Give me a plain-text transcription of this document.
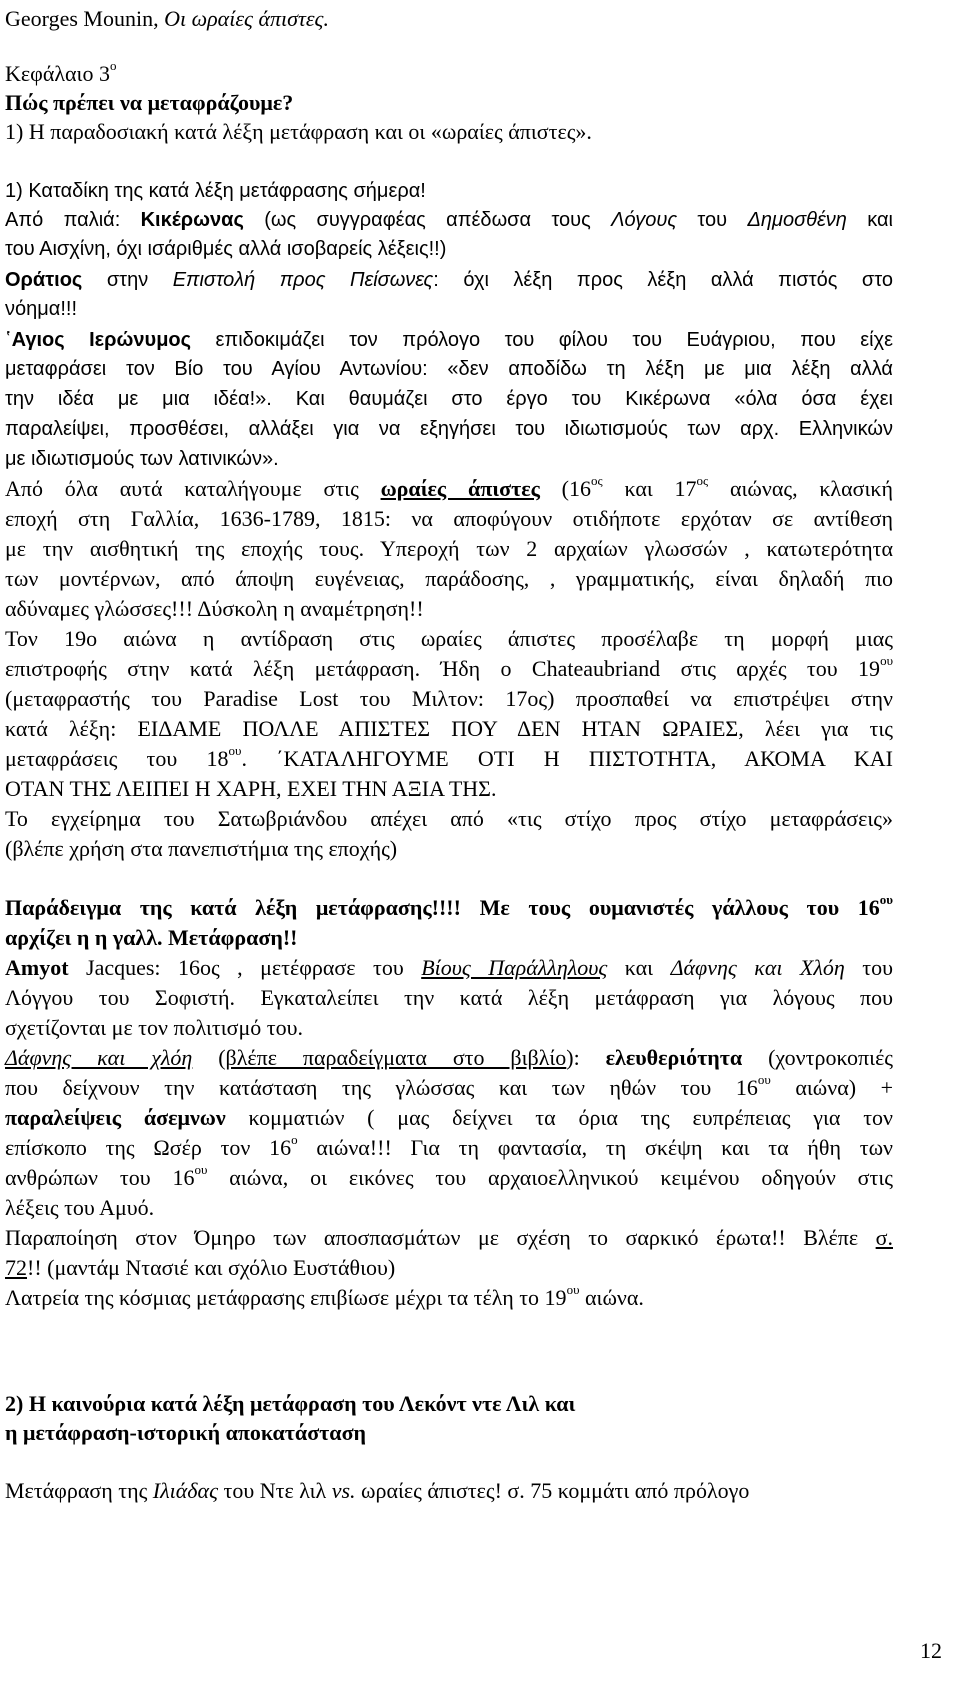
Georges Mounin, Οι ωραίες άπιστες.
Κεφάλαιο $3^o$
Πώς πρέπει να μεταφράζουμε?
1) Η παραδοσιακή κατά λέξη μετάφραση και οι «ωραίες άπιστες».
1) Καταδίκη της κατά λέξη μετάφρασης σήμερα!
Από παλιά: Κικέρωνας (ως συγγραφέας απέδωσα τους Λόγους του Δημοσθένη και
του Αισχίνη, όχι ισάριθμές αλλά ισοβαρείς λέξεις!!)
Οράτιος στην Επιστολή προς Πείσωνες: όχι λέξη προς λέξη αλλά πιστός στο
νόημα!!!
῾Αγιος Ιερώνυμος επιδοκιμάζει τον πρόλογο του φίλου του Ευάγριου, που είχε
μεταφράσει τον Βίο του Αγίου Αντωνίου: «δεν αποδίδω τη λέξη με μια λέξη αλλά
την ιδέα με μια ιδέα!». Και θαυμάζει στο έργο του Κικέρωνα «όλα όσα έχει
παραλείψει, προσθέσει, αλλάξει για να εξηγήσει του ιδιωτισμούς των αρχ. Ελληνικών
με ιδιωτισμούς των λατινικών».
Από όλα αυτά καταλήγουμε στις ωραίες άπιστες ($16^{o\varsigma}$ και $17^{o\varsigma}$ αιώνας, κλασική
εποχή στη Γαλλία, 1636-1789, 1815: να αποφύγουν οτιδήποτε ερχόταν σε αντίθεση
με την αισθητική της εποχής τους. Υπεροχή των 2 αρχαίων γλωσσών , κατωτερότητα
των μοντέρνων, από άποψη ευγένειας, παράδοσης, , γραμματικής, είναι δηλαδή πιο
αδύναμες γλώσσες!!! Δύσκολη η αναμέτρηση!!
Τον 19ο αιώνα η αντίδραση στις ωραίες άπιστες προσέλαβε τη μορφή μιας
επιστροφής στην κατά λέξη μετάφραση. Ήδη ο Chateaubriand στις αρχές του $19^{o\upsilon}$
(μεταφραστής του Paradise Lost του Μιλτον: 17ος) προσπαθεί να επιστρέψει στην
κατά λέξη: ΕΙΔΑΜΕ ΠΟΛΛΕ ΑΠΙΣΤΕΣ ΠΟΥ ΔΕΝ ΗΤΑΝ ΩΡΑΙΕΣ, λέει για τις
μεταφράσεις του $18^{o\upsilon}$. ΄ΚΑΤΑΛΗΓΟΥΜΕ ΟΤΙ Η ΠΙΣΤΟΤΗΤΑ, ΑΚΟΜΑ ΚΑΙ
ΟΤΑΝ ΤΗΣ ΛΕΙΠΕΙ Η ΧΑΡΗ, ΕΧΕΙ ΤΗΝ ΑΞΙΑ ΤΗΣ.
Το εγχείρημα του Σατωβριάνδου απέχει από «τις στίχο προς στίχο μεταφράσεις»
(βλέπε χρήση στα πανεπιστήμια της εποχής)
Παράδειγμα της κατά λέξη μετάφρασης!!!! Με τους ουμανιστές γάλλους του $16^{o\upsilon}$
αρχίζει η η γαλλ. Μετάφραση!!
Amyot Jacques: 16ος , μετέφρασε του Βίους Παράλληλους και Δάφνης και Χλόη του
Λόγγου του Σοφιστή. Εγκαταλείπει την κατά λέξη μετάφραση για λόγους που
σχετίζονται με τον πολιτισμό του.
Δάφνης και χλόη (βλέπε παραδείγματα στο βιβλίο): ελευθεριότητα (χοντροκοπιές
που δείχνουν την κατάσταση της γλώσσας και των ηθών του $16^{o\upsilon}$ αιώνα) +
παραλείψεις άσεμνων κομματιών ( μας δείχνει τα όρια της ευπρέπειας για τον
επίσκοπο της Ωσέρ τον $16^o$ αιώνα!!! Για τη φαντασία, τη σκέψη και τα ήθη των
ανθρώπων του $16^{o\upsilon}$ αιώνα, οι εικόνες του αρχαιοελληνικού κειμένου οδηγούν στις
λέξεις του Αμυό.
Παραποίηση στον Όμηρο των αποσπασμάτων με σχέση το σαρκικό έρωτα!! Βλέπε σ.
72!! (μαντάμ Ντασιέ και σχόλιο Ευστάθιου)
Λατρεία της κόσμιας μετάφρασης επιβίωσε μέχρι τα τέλη το $19^{o\upsilon}$ αιώνα.
2) Η καινούρια κατά λέξη μετάφραση του Λεκόντ ντε Λιλ και
η μετάφραση-ιστορική αποκατάσταση
Μετάφραση της Ιλιάδας του Ντε λιλ vs. ωραίες άπιστες! σ. 75 κομμάτι από πρόλογο
12
